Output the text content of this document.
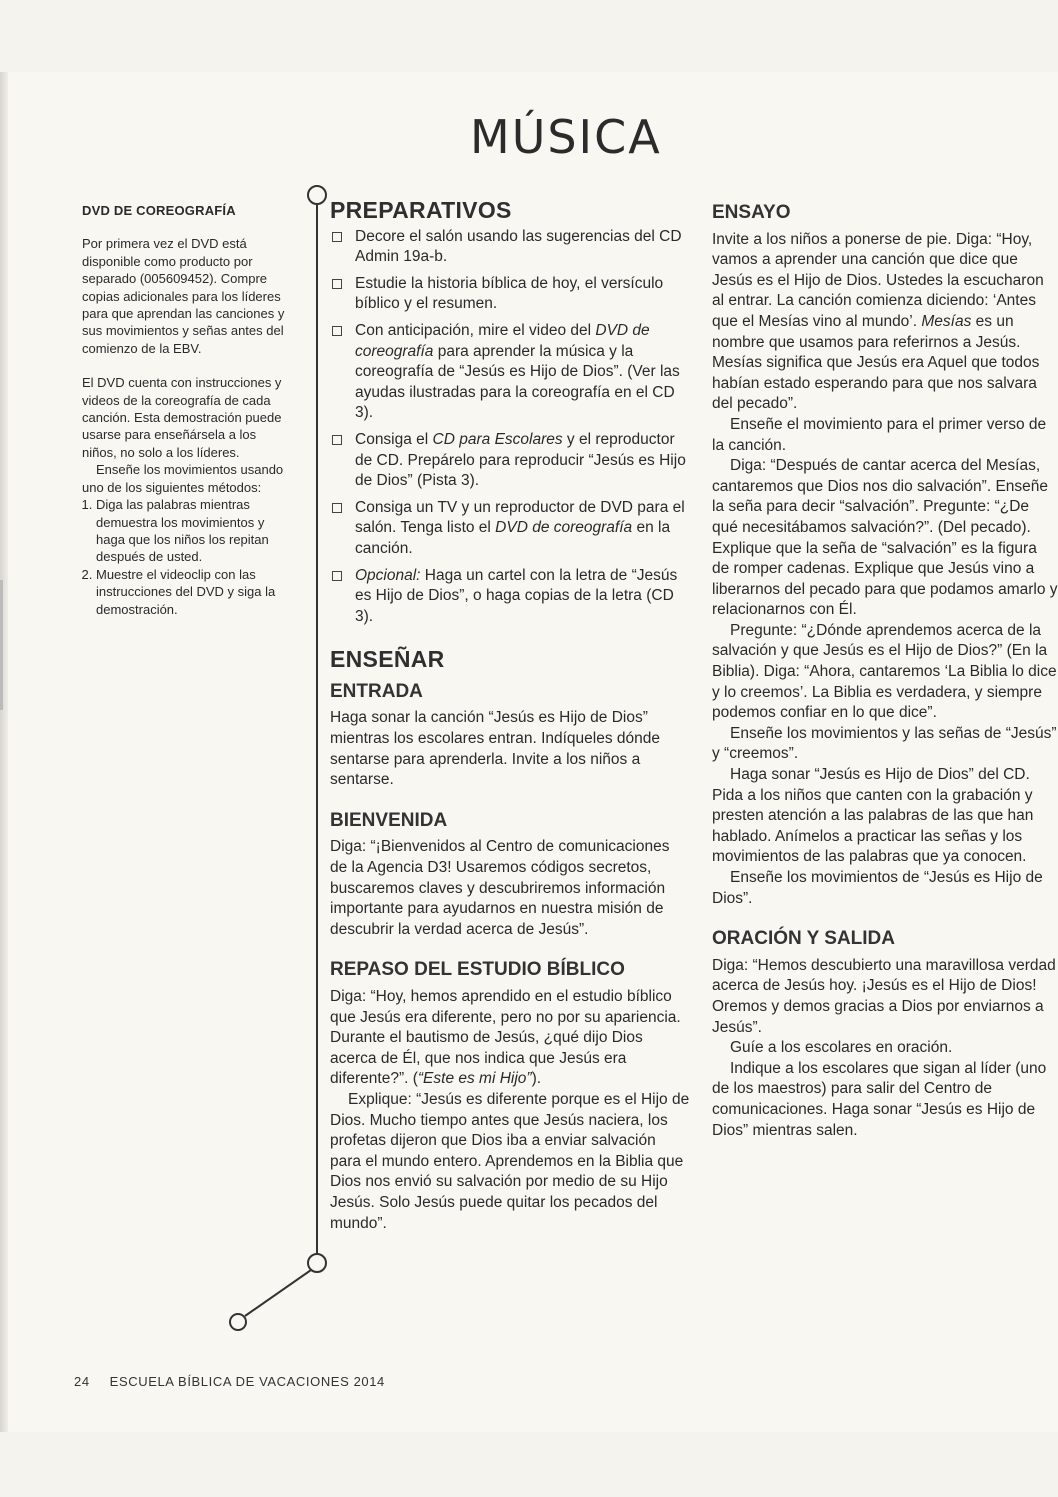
MÚSICA
DVD DE COREOGRAFÍA

Por primera vez el DVD está disponible como producto por separado (005609452). Compre copias adicionales para los líderes para que aprendan las canciones y sus movimientos y señas antes del comienzo de la EBV.

El DVD cuenta con instrucciones y videos de la coreografía de cada canción. Esta demostración puede usarse para enseñársela a los niños, no solo a los líderes.

Enseñe los movimientos usando uno de los siguientes métodos:

1. Diga las palabras mientras demuestra los movimientos y haga que los niños los repitan después de usted.
2. Muestre el videoclip con las instrucciones del DVD y siga la demostración.
PREPARATIVOS
Decore el salón usando las sugerencias del CD Admin 19a-b.
Estudie la historia bíblica de hoy, el versículo bíblico y el resumen.
Con anticipación, mire el video del DVD de coreografía para aprender la música y la coreografía de “Jesús es Hijo de Dios”. (Ver las ayudas ilustradas para la coreografía en el CD 3).
Consiga el CD para Escolares y el reproductor de CD. Prepárelo para reproducir “Jesús es Hijo de Dios” (Pista 3).
Consiga un TV y un reproductor de DVD para el salón. Tenga listo el DVD de coreografía en la canción.
Opcional: Haga un cartel con la letra de “Jesús es Hijo de Dios”, o haga copias de la letra (CD 3).
ENSEÑAR
ENTRADA

Haga sonar la canción “Jesús es Hijo de Dios” mientras los escolares entran. Indíqueles dónde sentarse para aprenderla. Invite a los niños a sentarse.

BIENVENIDA

Diga: “¡Bienvenidos al Centro de comunicaciones de la Agencia D3! Usaremos códigos secretos, buscaremos claves y descubriremos información importante para ayudarnos en nuestra misión de descubrir la verdad acerca de Jesús”.

REPASO DEL ESTUDIO BÍBLICO

Diga: “Hoy, hemos aprendido en el estudio bíblico que Jesús era diferente, pero no por su apariencia. Durante el bautismo de Jesús, ¿qué dijo Dios acerca de Él, que nos indica que Jesús era diferente?”. (“Este es mi Hijo”).

Explique: “Jesús es diferente porque es el Hijo de Dios. Mucho tiempo antes que Jesús naciera, los profetas dijeron que Dios iba a enviar salvación para el mundo entero. Aprendemos en la Biblia que Dios nos envió su salvación por medio de su Hijo Jesús. Solo Jesús puede quitar los pecados del mundo”.

ENSAYO

Invite a los niños a ponerse de pie. Diga: “Hoy, vamos a aprender una canción que dice que Jesús es el Hijo de Dios. Ustedes la escucharon al entrar. La canción comienza diciendo: ‘Antes que el Mesías vino al mundo’. Mesías es un nombre que usamos para referirnos a Jesús. Mesías significa que Jesús era Aquel que todos habían estado esperando para que nos salvara del pecado”.

Enseñe el movimiento para el primer verso de la canción.

Diga: “Después de cantar acerca del Mesías, cantaremos que Dios nos dio salvación”. Enseñe la seña para decir “salvación”. Pregunte: “¿De qué necesitábamos salvación?”. (Del pecado). Explique que la seña de “salvación” es la figura de romper cadenas. Explique que Jesús vino a liberarnos del pecado para que podamos amarlo y relacionarnos con Él.

Pregunte: “¿Dónde aprendemos acerca de la salvación y que Jesús es el Hijo de Dios?” (En la Biblia). Diga: “Ahora, cantaremos ‘La Biblia lo dice y lo creemos’. La Biblia es verdadera, y siempre podemos confiar en lo que dice”.

Enseñe los movimientos y las señas de “Jesús” y “creemos”.

Haga sonar “Jesús es Hijo de Dios” del CD. Pida a los niños que canten con la grabación y presten atención a las palabras de las que han hablado. Anímelos a practicar las señas y los movimientos de las palabras que ya conocen.

Enseñe los movimientos de “Jesús es Hijo de Dios”.

ORACIÓN Y SALIDA

Diga: “Hemos descubierto una maravillosa verdad acerca de Jesús hoy. ¡Jesús es el Hijo de Dios! Oremos y demos gracias a Dios por enviarnos a Jesús”.

Guíe a los escolares en oración.

Indique a los escolares que sigan al líder (uno de los maestros) para salir del Centro de comunicaciones. Haga sonar “Jesús es Hijo de Dios” mientras salen.

24 ESCUELA BÍBLICA DE VACACIONES 2014
